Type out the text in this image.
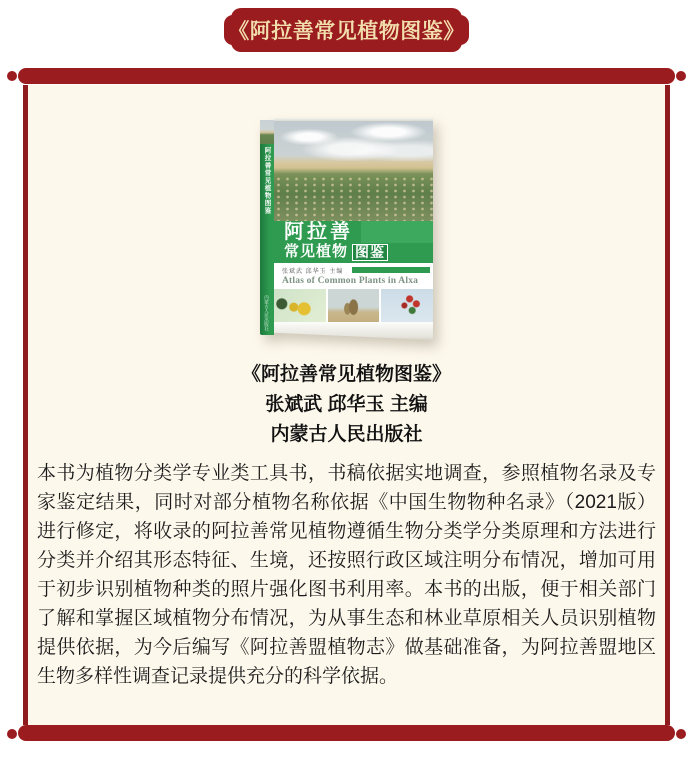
《阿拉善常见植物图鉴》
阿拉善常见植物图鉴
内蒙古人民出版社
阿拉善
常见植物 图鉴
张斌武 邱华玉 主编
Atlas of Common Plants in Alxa
《阿拉善常见植物图鉴》
张斌武 邱华玉 主编
内蒙古人民出版社
本书为植物分类学专业类工具书，书稿依据实地调查，参照植物名录及专家鉴定结果，同时对部分植物名称依据《中国生物物种名录》（2021版）进行修定，将收录的阿拉善常见植物遵循生物分类学分类原理和方法进行分类并介绍其形态特征、生境，还按照行政区域注明分布情况，增加可用于初步识别植物种类的照片强化图书利用率。本书的出版，便于相关部门了解和掌握区域植物分布情况，为从事生态和林业草原相关人员识别植物提供依据，为今后编写《阿拉善盟植物志》做基础准备，为阿拉善盟地区生物多样性调查记录提供充分的科学依据。
